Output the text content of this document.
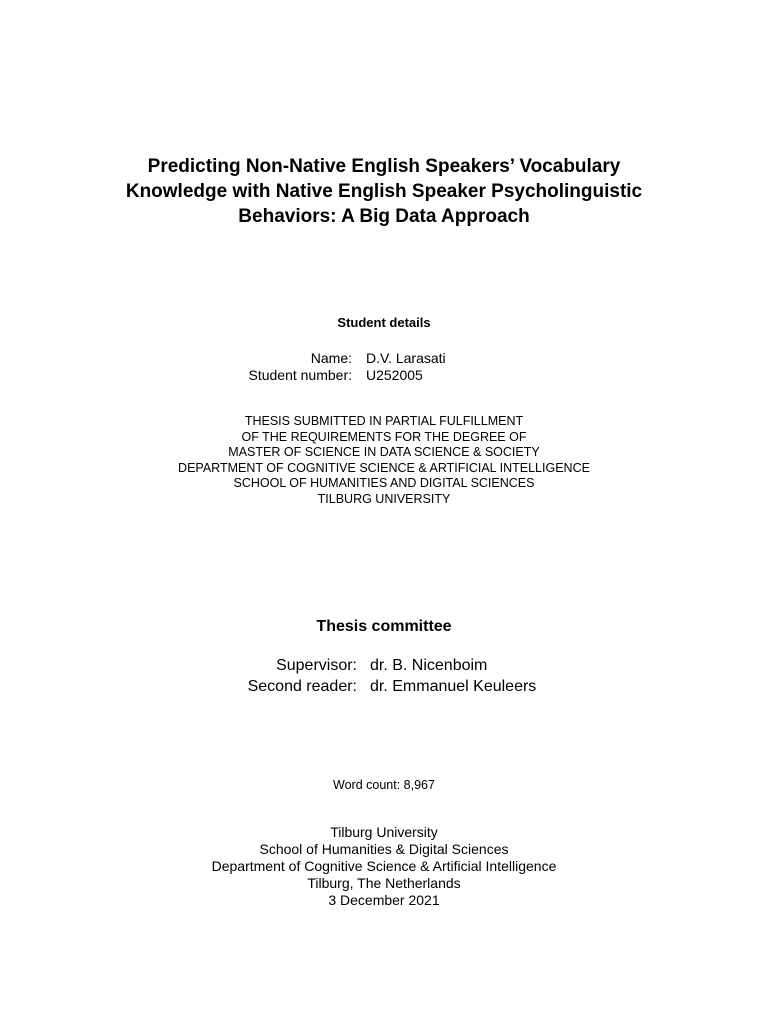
Predicting Non-Native English Speakers’ Vocabulary
Knowledge with Native English Speaker Psycholinguistic
Behaviors: A Big Data Approach
Student details
Name:	D.V. Larasati
Student number:	U252005
THESIS SUBMITTED IN PARTIAL FULFILLMENT
OF THE REQUIREMENTS FOR THE DEGREE OF
MASTER OF SCIENCE IN DATA SCIENCE & SOCIETY
DEPARTMENT OF COGNITIVE SCIENCE & ARTIFICIAL INTELLIGENCE
SCHOOL OF HUMANITIES AND DIGITAL SCIENCES
TILBURG UNIVERSITY
Thesis committee
Supervisor: dr. B. Nicenboim
Second reader: dr. Emmanuel Keuleers
Word count: 8,967
Tilburg University
School of Humanities & Digital Sciences
Department of Cognitive Science & Artificial Intelligence
Tilburg, The Netherlands
3 December 2021
